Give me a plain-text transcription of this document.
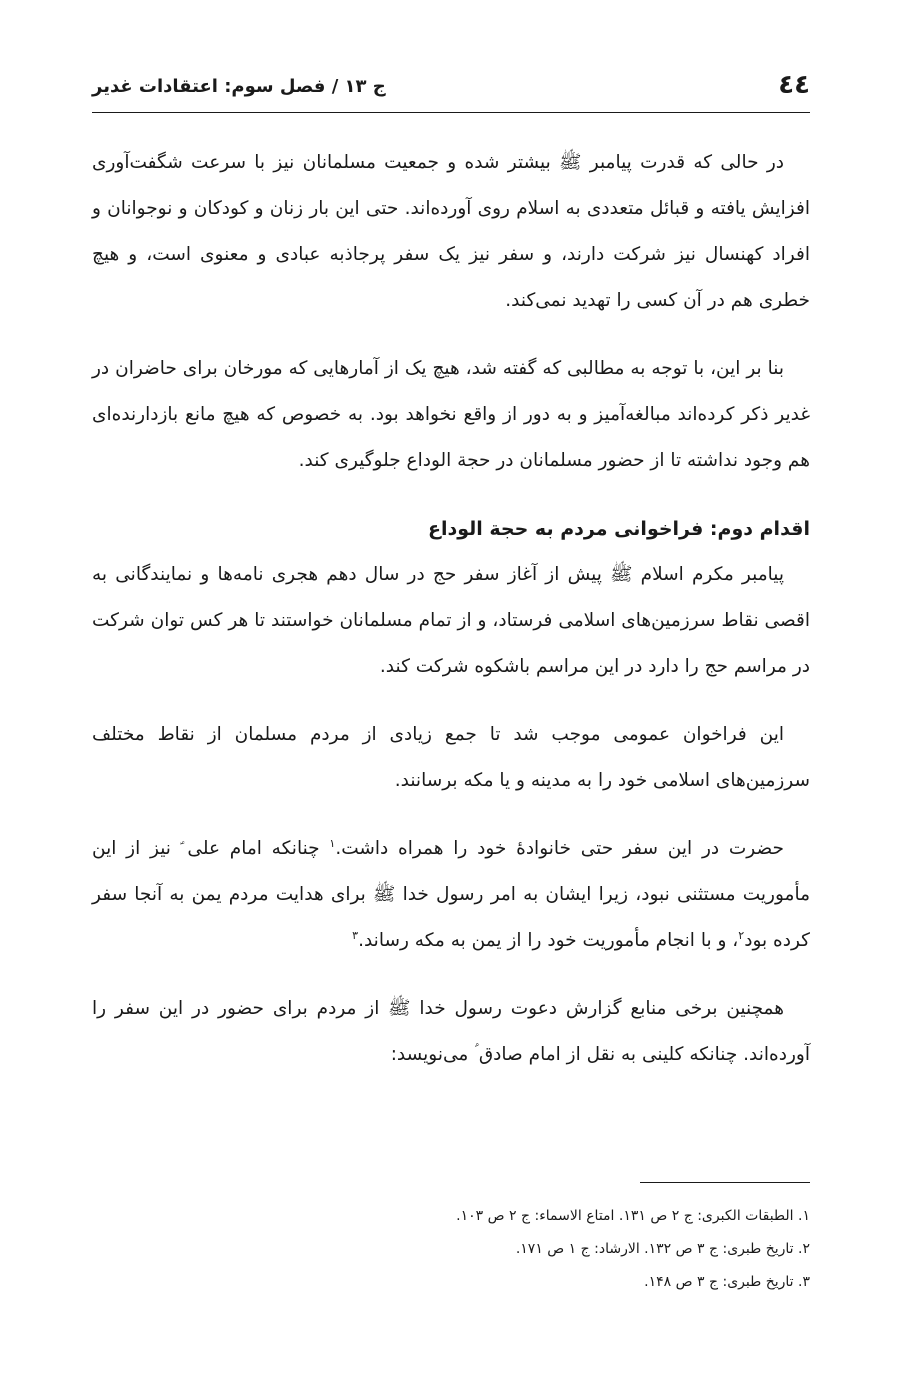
٤٤
ج ۱۳ / فصل سوم: اعتقادات غدیر

در حالی که قدرت پیامبر ﷺ بیشتر شده و جمعیت مسلمانان نیز با سرعت شگفت‌آوری افزایش یافته و قبائل متعددی به اسلام روی آورده‌اند. حتی این بار زنان و کودکان و نوجوانان و افراد کهنسال نیز شرکت دارند، و سفر نیز یک سفر پرجاذبه عبادی و معنوی است، و هیچ خطری هم در آن کسی را تهدید نمی‌کند.

بنا بر این، با توجه به مطالبی که گفته شد، هیچ یک از آمارهایی که مورخان برای حاضران در غدیر ذکر کرده‌اند مبالغه‌آمیز و به دور از واقع نخواهد بود. به خصوص که هیچ مانع بازدارنده‌ای هم وجود نداشته تا از حضور مسلمانان در حجة الوداع جلوگیری کند.

اقدام دوم: فراخوانی مردم به حجة الوداع

پیامبر مکرم اسلام ﷺ پیش از آغاز سفر حج در سال دهم هجری نامه‌ها و نمایندگانی به اقصی نقاط سرزمین‌های اسلامی فرستاد، و از تمام مسلمانان خواستند تا هر کس توان شرکت در مراسم حج را دارد در این مراسم باشکوه شرکت کند.

این فراخوان عمومی موجب شد تا جمع زیادی از مردم مسلمان از نقاط مختلف سرزمین‌های اسلامی خود را به مدینه و یا مکه برسانند.

حضرت در این سفر حتی خانوادۀ خود را همراه داشت.$^۱$ چنانکه امام علی ؑ نیز از این مأموریت مستثنی نبود، زیرا ایشان به امر رسول خدا ﷺ برای هدایت مردم یمن به آنجا سفر کرده بود$^۲$، و با انجام مأموریت خود را از یمن به مکه رساند.$^۳$

همچنین برخی منابع گزارش دعوت رسول خدا ﷺ از مردم برای حضور در این سفر را آورده‌اند. چنانکه کلینی به نقل از امام صادق ؑ می‌نویسد:

۱. الطبقات الکبری: ج ۲ ص ۱۳۱. امتاع الاسماء: ج ۲ ص ۱۰۳.

۲. تاریخ طبری: ج ۳ ص ۱۳۲. الارشاد: ج ۱ ص ۱۷۱.

۳. تاریخ طبری: ج ۳ ص ۱۴۸.
